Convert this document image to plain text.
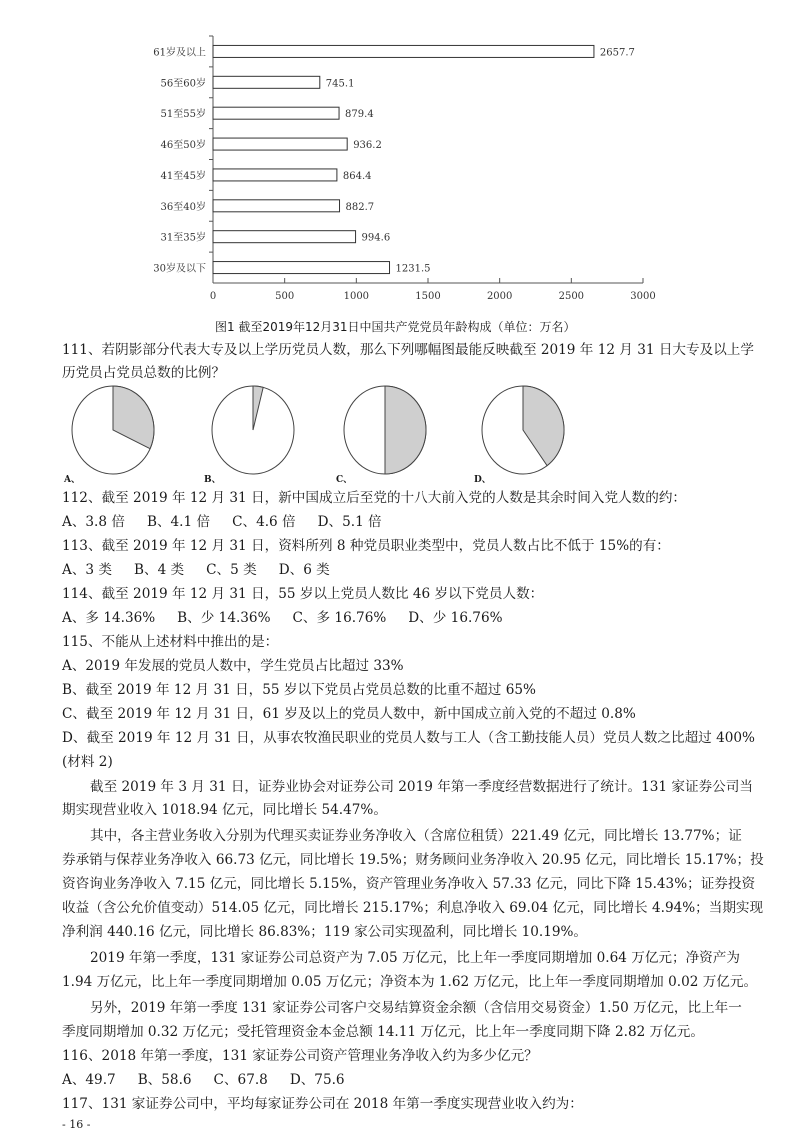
0	500	1000	1500	2000	2500	3000
61岁及以上	2657.7
56至60岁	745.1
51至55岁	879.4
46至50岁	936.2
41至45岁	864.4
36至40岁	882.7
31至35岁	994.6
30岁及以下	1231.5
图1 截至2019年12月31日中国共产党党员年龄构成（单位：万名）
111、若阴影部分代表大专及以上学历党员人数，那么下列哪幅图最能反映截至 2019 年 12 月 31 日大专及以上学
历党员占党员总数的比例？
A、	B、	C、	D、
112、截至 2019 年 12 月 31 日，新中国成立后至党的十八大前入党的人数是其余时间入党人数的约：
A、3.8 倍 B、4.1 倍 C、4.6 倍 D、5.1 倍
113、截至 2019 年 12 月 31 日，资料所列 8 种党员职业类型中，党员人数占比不低于 15%的有：
A、3 类 B、4 类 C、5 类 D、6 类
114、截至 2019 年 12 月 31 日，55 岁以上党员人数比 46 岁以下党员人数：
A、多 14.36% B、少 14.36% C、多 16.76% D、少 16.76%
115、不能从上述材料中推出的是：
A、2019 年发展的党员人数中，学生党员占比超过 33%
B、截至 2019 年 12 月 31 日，55 岁以下党员占党员总数的比重不超过 65%
C、截至 2019 年 12 月 31 日，61 岁及以上的党员人数中，新中国成立前入党的不超过 0.8%
D、截至 2019 年 12 月 31 日，从事农牧渔民职业的党员人数与工人（含工勤技能人员）党员人数之比超过 400%
(材料 2)
截至 2019 年 3 月 31 日，证券业协会对证券公司 2019 年第一季度经营数据进行了统计。131 家证券公司当
期实现营业收入 1018.94 亿元，同比增长 54.47%。
其中，各主营业务收入分别为代理买卖证券业务净收入（含席位租赁）221.49 亿元，同比增长 13.77%；证
券承销与保荐业务净收入 66.73 亿元，同比增长 19.5%；财务顾问业务净收入 20.95 亿元，同比增长 15.17%；投
资咨询业务净收入 7.15 亿元，同比增长 5.15%，资产管理业务净收入 57.33 亿元，同比下降 15.43%；证券投资
收益（含公允价值变动）514.05 亿元，同比增长 215.17%；利息净收入 69.04 亿元，同比增长 4.94%；当期实现
净利润 440.16 亿元，同比增长 86.83%；119 家公司实现盈利，同比增长 10.19%。
2019 年第一季度，131 家证券公司总资产为 7.05 万亿元，比上年一季度同期增加 0.64 万亿元；净资产为
1.94 万亿元，比上年一季度同期增加 0.05 万亿元；净资本为 1.62 万亿元，比上年一季度同期增加 0.02 万亿元。
另外，2019 年第一季度 131 家证券公司客户交易结算资金余额（含信用交易资金）1.50 万亿元，比上年一
季度同期增加 0.32 万亿元；受托管理资金本金总额 14.11 万亿元，比上年一季度同期下降 2.82 万亿元。
116、2018 年第一季度，131 家证券公司资产管理业务净收入约为多少亿元？
A、49.7 B、58.6 C、67.8 D、75.6
117、131 家证券公司中，平均每家证券公司在 2018 年第一季度实现营业收入约为：
- 16 -
